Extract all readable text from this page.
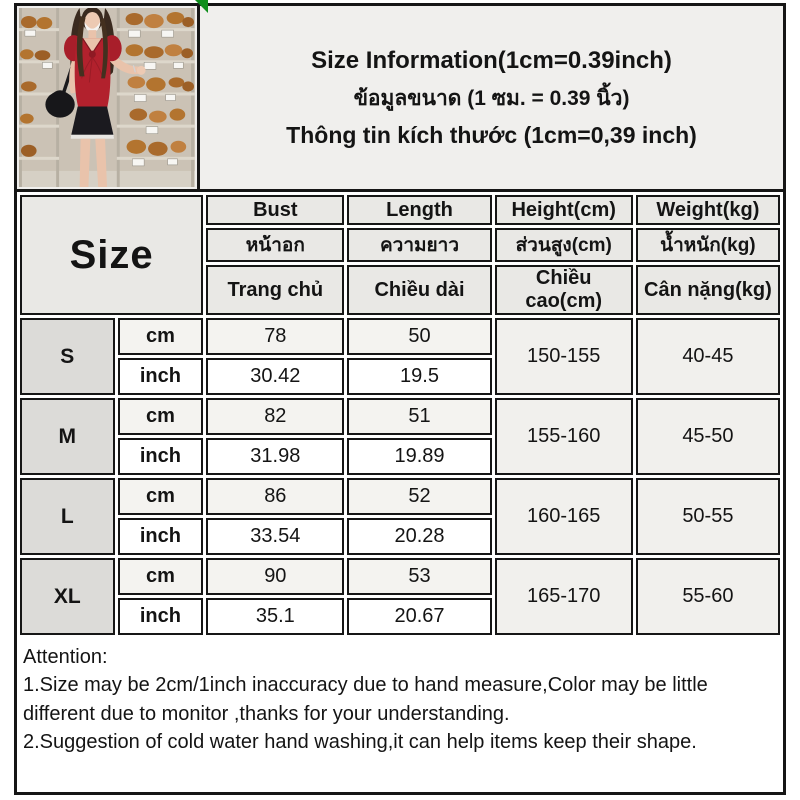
Size Information(1cm=0.39inch)
ข้อมูลขนาด (1 ซม. = 0.39 นิ้ว)
Thông tin kích thước (1cm=0,39 inch)
Size		Bust	Length	Height(cm)	Weight(kg)
		หน้าอก	ความยาว	ส่วนสูง(cm)	น้ำหนัก(kg)
		Trang chủ	Chiều dài	Chiều cao(cm)	Cân nặng(kg)
S	cm	78	50	150-155	40-45
	inch	30.42	19.5		
M	cm	82	51	155-160	45-50
	inch	31.98	19.89		
L	cm	86	52	160-165	50-55
	inch	33.54	20.28		
XL	cm	90	53	165-170	55-60
	inch	35.1	20.67		
Attention:
1.Size may be 2cm/1inch inaccuracy due to hand measure,Color may be little different due to monitor ,thanks for your understanding.
2.Suggestion of cold water hand washing,it can help items keep their shape.
